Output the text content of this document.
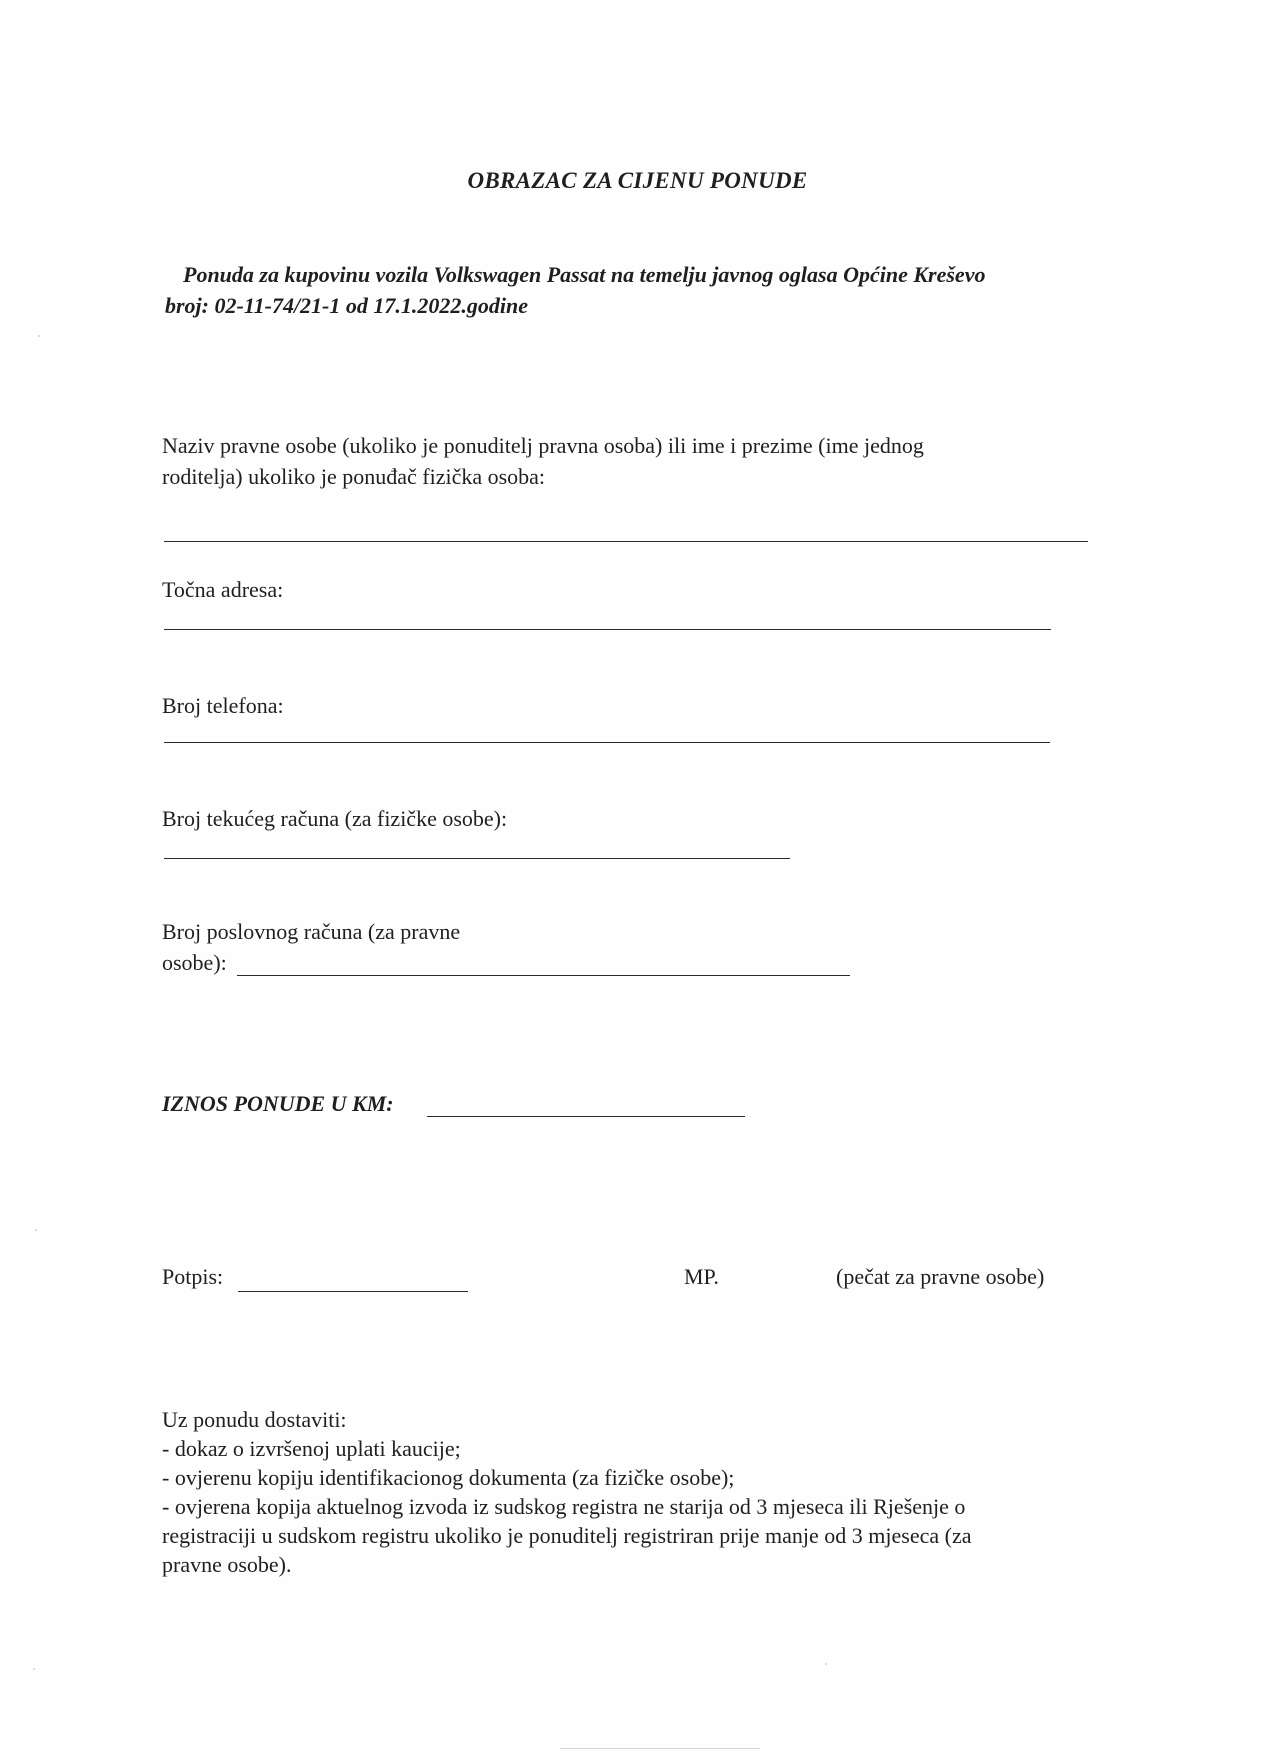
OBRAZAC ZA CIJENU PONUDE
Ponuda za kupovinu vozila Volkswagen Passat na temelju javnog oglasa Općine Kreševo
broj: 02-11-74/21-1 od 17.1.2022.godine
Naziv pravne osobe (ukoliko je ponuditelj pravna osoba) ili ime i prezime (ime jednog
roditelja) ukoliko je ponuđač fizička osoba:
Točna adresa:
Broj telefona:
Broj tekućeg računa (za fizičke osobe):
Broj poslovnog računa (za pravne
osobe):
IZNOS PONUDE U KM:
Potpis:	MP.	(pečat za pravne osobe)
Uz ponudu dostaviti:
- dokaz o izvršenoj uplati kaucije;
- ovjerenu kopiju identifikacionog dokumenta (za fizičke osobe);
- ovjerena kopija aktuelnog izvoda iz sudskog registra ne starija od 3 mjeseca ili Rješenje o
registraciji u sudskom registru ukoliko je ponuditelj registriran prije manje od 3 mjeseca (za
pravne osobe).
